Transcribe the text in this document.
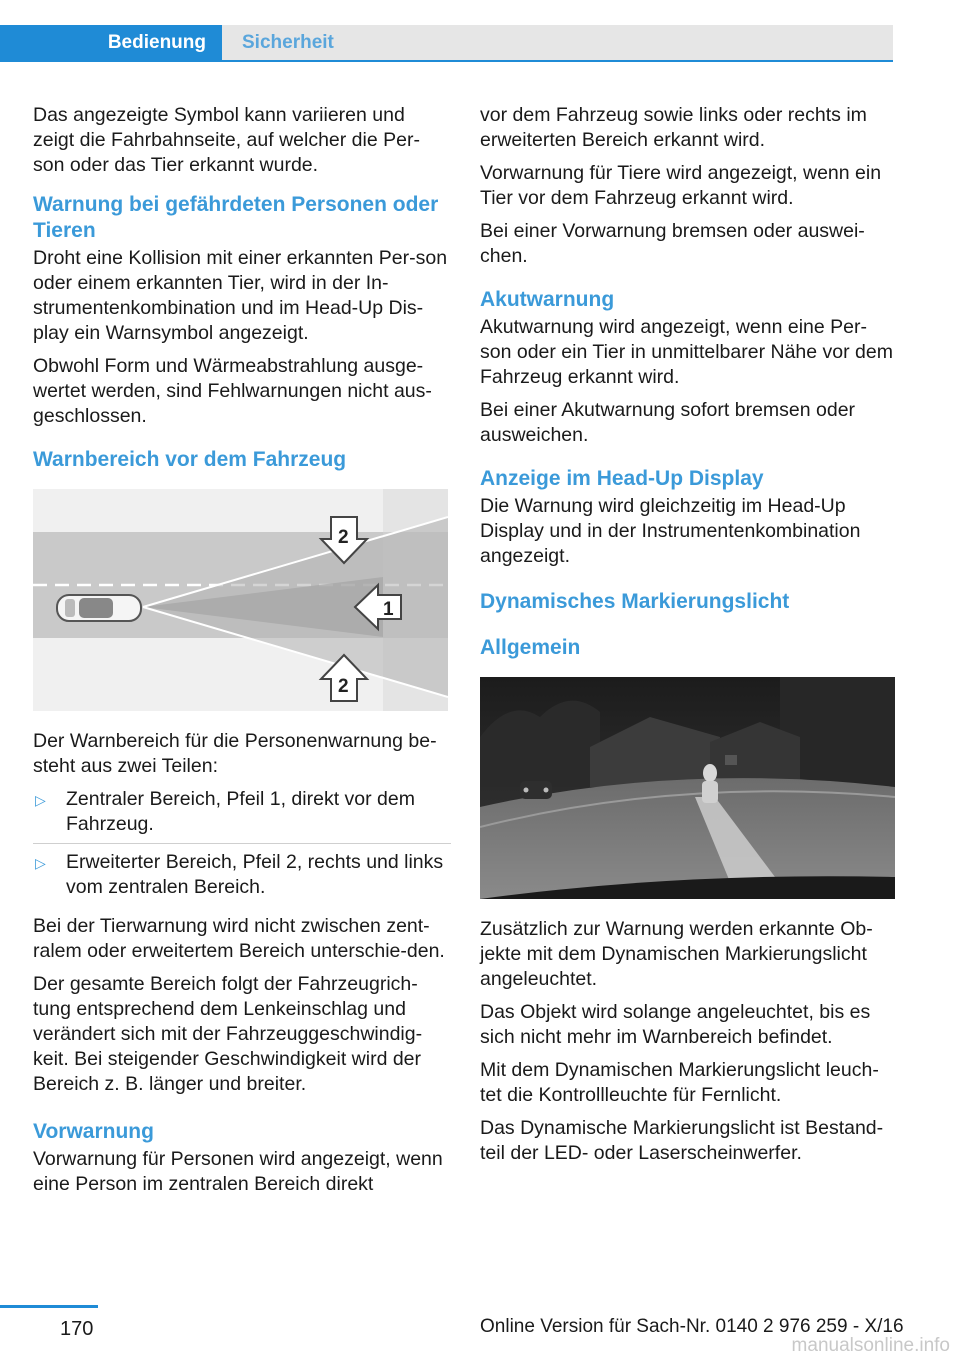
Bedienung	Sicherheit

Das angezeigte Symbol kann variieren und zeigt die Fahrbahnseite, auf welcher die Per-son oder das Tier erkannt wurde.

Warnung bei gefährdeten Personen oder Tieren

Droht eine Kollision mit einer erkannten Per-son oder einem erkannten Tier, wird in der In-strumentenkombination und im Head-Up Dis-play ein Warnsymbol angezeigt.

Obwohl Form und Wärmeabstrahlung ausge-wertet werden, sind Fehlwarnungen nicht aus-geschlossen.

Warnbereich vor dem Fahrzeug
1
2
2

Der Warnbereich für die Personenwarnung be-steht aus zwei Teilen:

▷ Zentraler Bereich, Pfeil 1, direkt vor dem Fahrzeug.
▷ Erweiterter Bereich, Pfeil 2, rechts und links vom zentralen Bereich.

Bei der Tierwarnung wird nicht zwischen zent-ralem oder erweitertem Bereich unterschie-den.

Der gesamte Bereich folgt der Fahrzeugrich-tung entsprechend dem Lenkeinschlag und verändert sich mit der Fahrzeuggeschwindig-keit. Bei steigender Geschwindigkeit wird der Bereich z. B. länger und breiter.

Vorwarnung

Vorwarnung für Personen wird angezeigt, wenn eine Person im zentralen Bereich direkt

vor dem Fahrzeug sowie links oder rechts im erweiterten Bereich erkannt wird.

Vorwarnung für Tiere wird angezeigt, wenn ein Tier vor dem Fahrzeug erkannt wird.

Bei einer Vorwarnung bremsen oder auswei-chen.

Akutwarnung

Akutwarnung wird angezeigt, wenn eine Per-son oder ein Tier in unmittelbarer Nähe vor dem Fahrzeug erkannt wird.

Bei einer Akutwarnung sofort bremsen oder ausweichen.

Anzeige im Head-Up Display

Die Warnung wird gleichzeitig im Head-Up Display und in der Instrumentenkombination angezeigt.

Dynamisches Markierungslicht
Allgemein

Zusätzlich zur Warnung werden erkannte Ob-jekte mit dem Dynamischen Markierungslicht angeleuchtet.

Das Objekt wird solange angeleuchtet, bis es sich nicht mehr im Warnbereich befindet.

Mit dem Dynamischen Markierungslicht leuch-tet die Kontrollleuchte für Fernlicht.

Das Dynamische Markierungslicht ist Bestand-teil der LED- oder Laserscheinwerfer.

170	Online Version für Sach-Nr. 0140 2 976 259 - X/16
manualsonline.info
